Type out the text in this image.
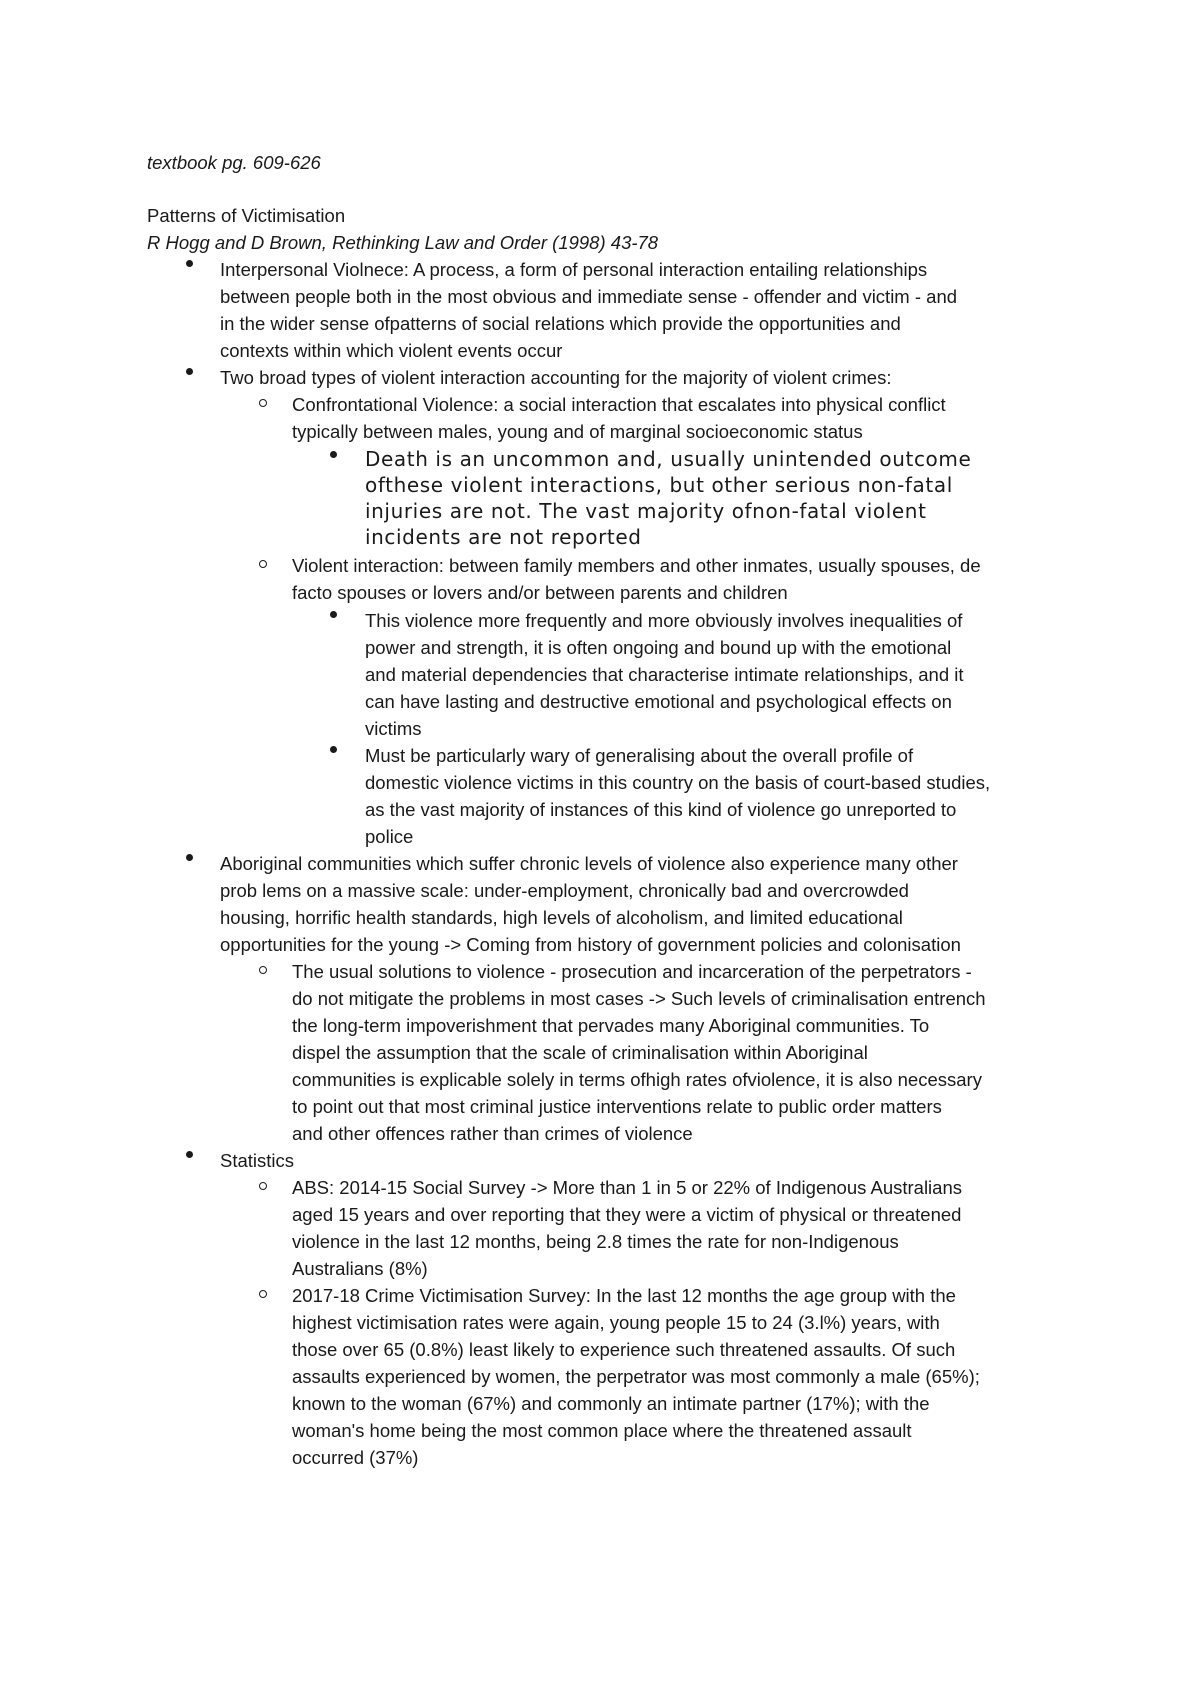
textbook pg. 609-626
Patterns of Victimisation
R Hogg and D Brown, Rethinking Law and Order (1998) 43-78
Interpersonal Violnece: A process, a form of personal interaction entailing relationships
between people both in the most obvious and immediate sense - offender and victim - and
in the wider sense ofpatterns of social relations which provide the opportunities and
contexts within which violent events occur
Two broad types of violent interaction accounting for the majority of violent crimes:
Confrontational Violence: a social interaction that escalates into physical conflict
typically between males, young and of marginal socioeconomic status
Death is an uncommon and, usually unintended outcome
ofthese violent interactions, but other serious non-fatal
injuries are not. The vast majority ofnon-fatal violent
incidents are not reported
Violent interaction: between family members and other inmates, usually spouses, de
facto spouses or lovers and/or between parents and children
This violence more frequently and more obviously involves inequalities of
power and strength, it is often ongoing and bound up with the emotional
and material dependencies that characterise intimate relationships, and it
can have lasting and destructive emotional and psychological effects on
victims
Must be particularly wary of generalising about the overall profile of
domestic violence victims in this country on the basis of court-based studies,
as the vast majority of instances of this kind of violence go unreported to
police
Aboriginal communities which suffer chronic levels of violence also experience many other
prob lems on a massive scale: under-employment, chronically bad and overcrowded
housing, horrific health standards, high levels of alcoholism, and limited educational
opportunities for the young -> Coming from history of government policies and colonisation
The usual solutions to violence - prosecution and incarceration of the perpetrators -
do not mitigate the problems in most cases -> Such levels of criminalisation entrench
the long-term impoverishment that pervades many Aboriginal communities. To
dispel the assumption that the scale of criminalisation within Aboriginal
communities is explicable solely in terms ofhigh rates ofviolence, it is also necessary
to point out that most criminal justice interventions relate to public order matters
and other offences rather than crimes of violence
Statistics
ABS: 2014-15 Social Survey -> More than 1 in 5 or 22% of Indigenous Australians
aged 15 years and over reporting that they were a victim of physical or threatened
violence in the last 12 months, being 2.8 times the rate for non-Indigenous
Australians (8%)
2017-18 Crime Victimisation Survey: In the last 12 months the age group with the
highest victimisation rates were again, young people 15 to 24 (3.l%) years, with
those over 65 (0.8%) least likely to experience such threatened assaults. Of such
assaults experienced by women, the perpetrator was most commonly a male (65%);
known to the woman (67%) and commonly an intimate partner (17%); with the
woman's home being the most common place where the threatened assault
occurred (37%)
